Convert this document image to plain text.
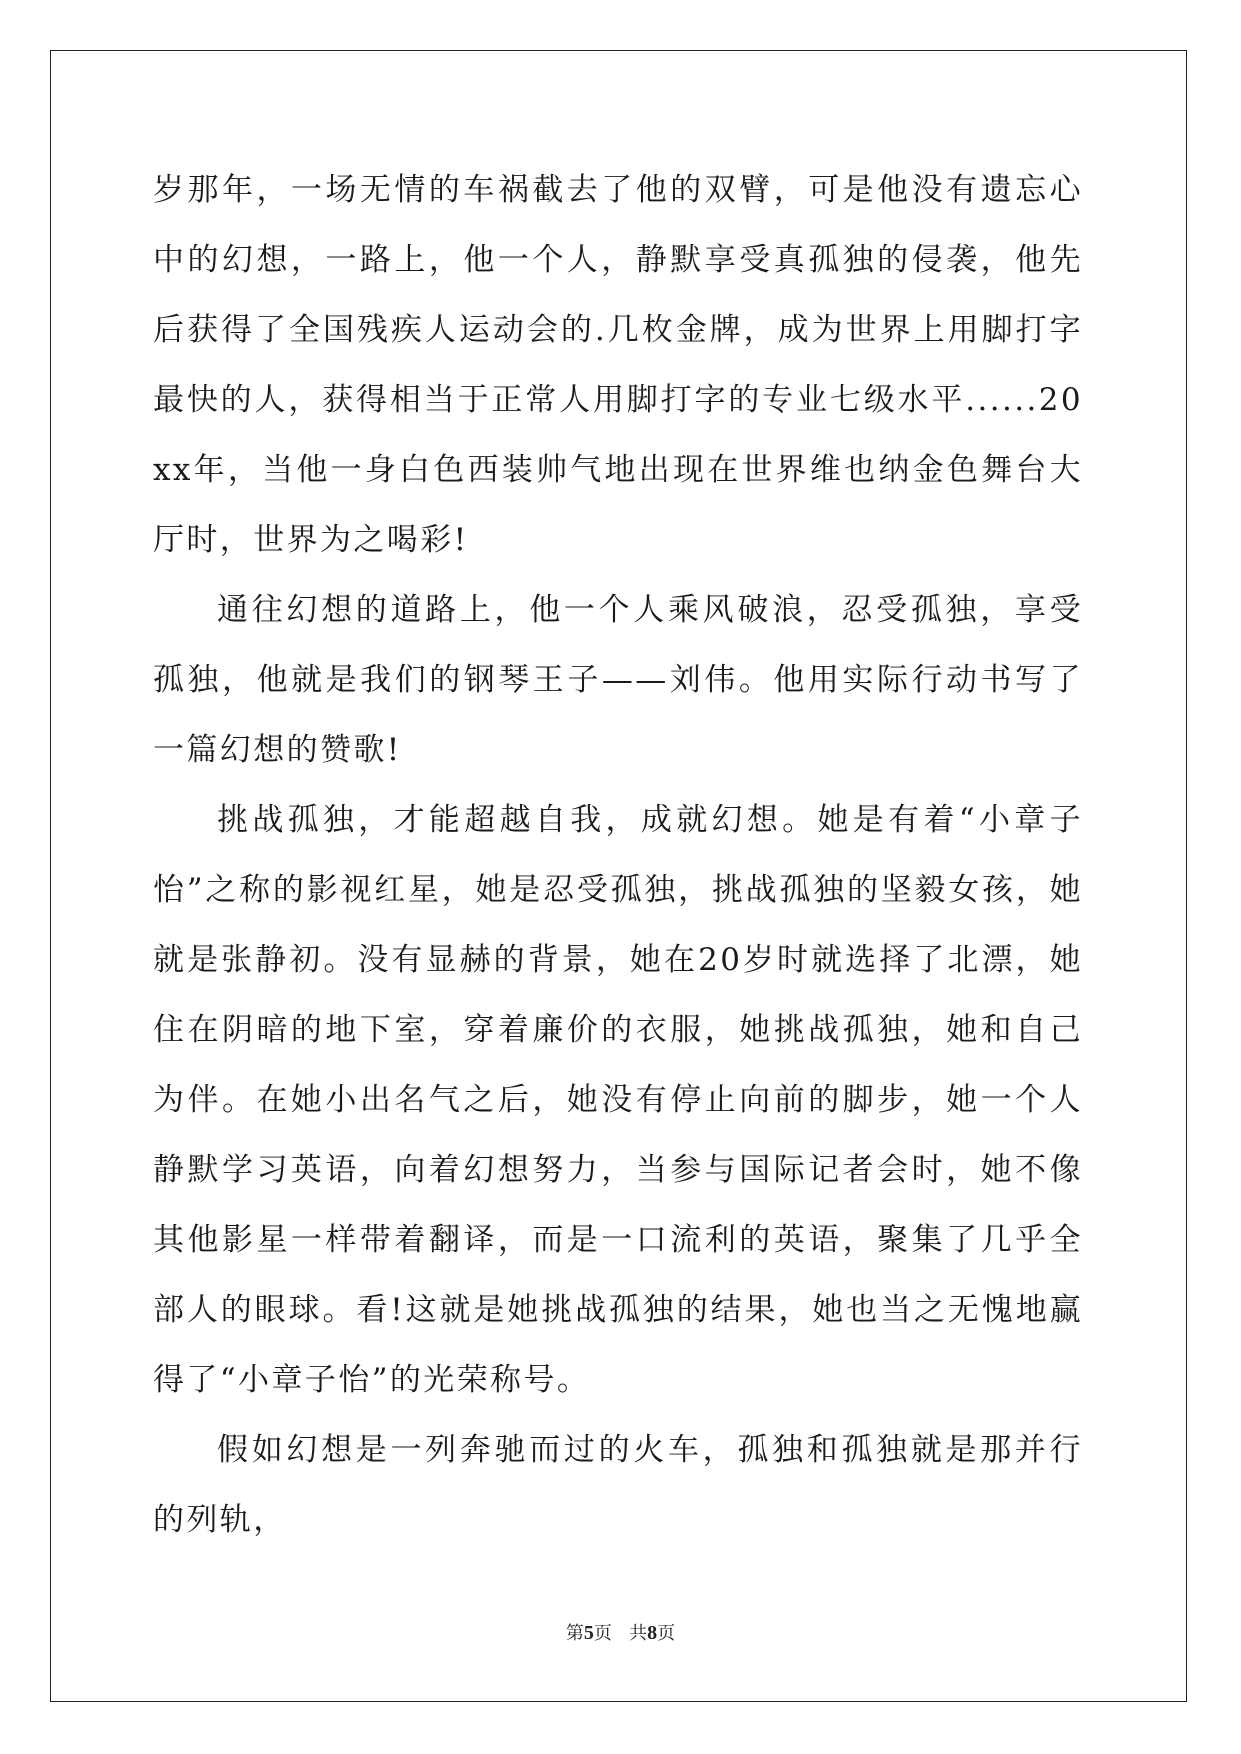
岁那年，一场无情的车祸截去了他的双臂，可是他没有遗忘心中的幻想，一路上，他一个人，静默享受真孤独的侵袭，他先后获得了全国残疾人运动会的.几枚金牌，成为世界上用脚打字最快的人，获得相当于正常人用脚打字的专业七级水平......20xx年，当他一身白色西装帅气地出现在世界维也纳金色舞台大厅时，世界为之喝彩!

通往幻想的道路上，他一个人乘风破浪，忍受孤独，享受孤独，他就是我们的钢琴王子——刘伟。他用实际行动书写了一篇幻想的赞歌!

挑战孤独，才能超越自我，成就幻想。她是有着“小章子怡”之称的影视红星，她是忍受孤独，挑战孤独的坚毅女孩，她就是张静初。没有显赫的背景，她在20岁时就选择了北漂，她住在阴暗的地下室，穿着廉价的衣服，她挑战孤独，她和自己为伴。在她小出名气之后，她没有停止向前的脚步，她一个人静默学习英语，向着幻想努力，当参与国际记者会时，她不像其他影星一样带着翻译，而是一口流利的英语，聚集了几乎全部人的眼球。看!这就是她挑战孤独的结果，她也当之无愧地赢得了“小章子怡”的光荣称号。

假如幻想是一列奔驰而过的火车，孤独和孤独就是那并行的列轨，

第5页 共8页
